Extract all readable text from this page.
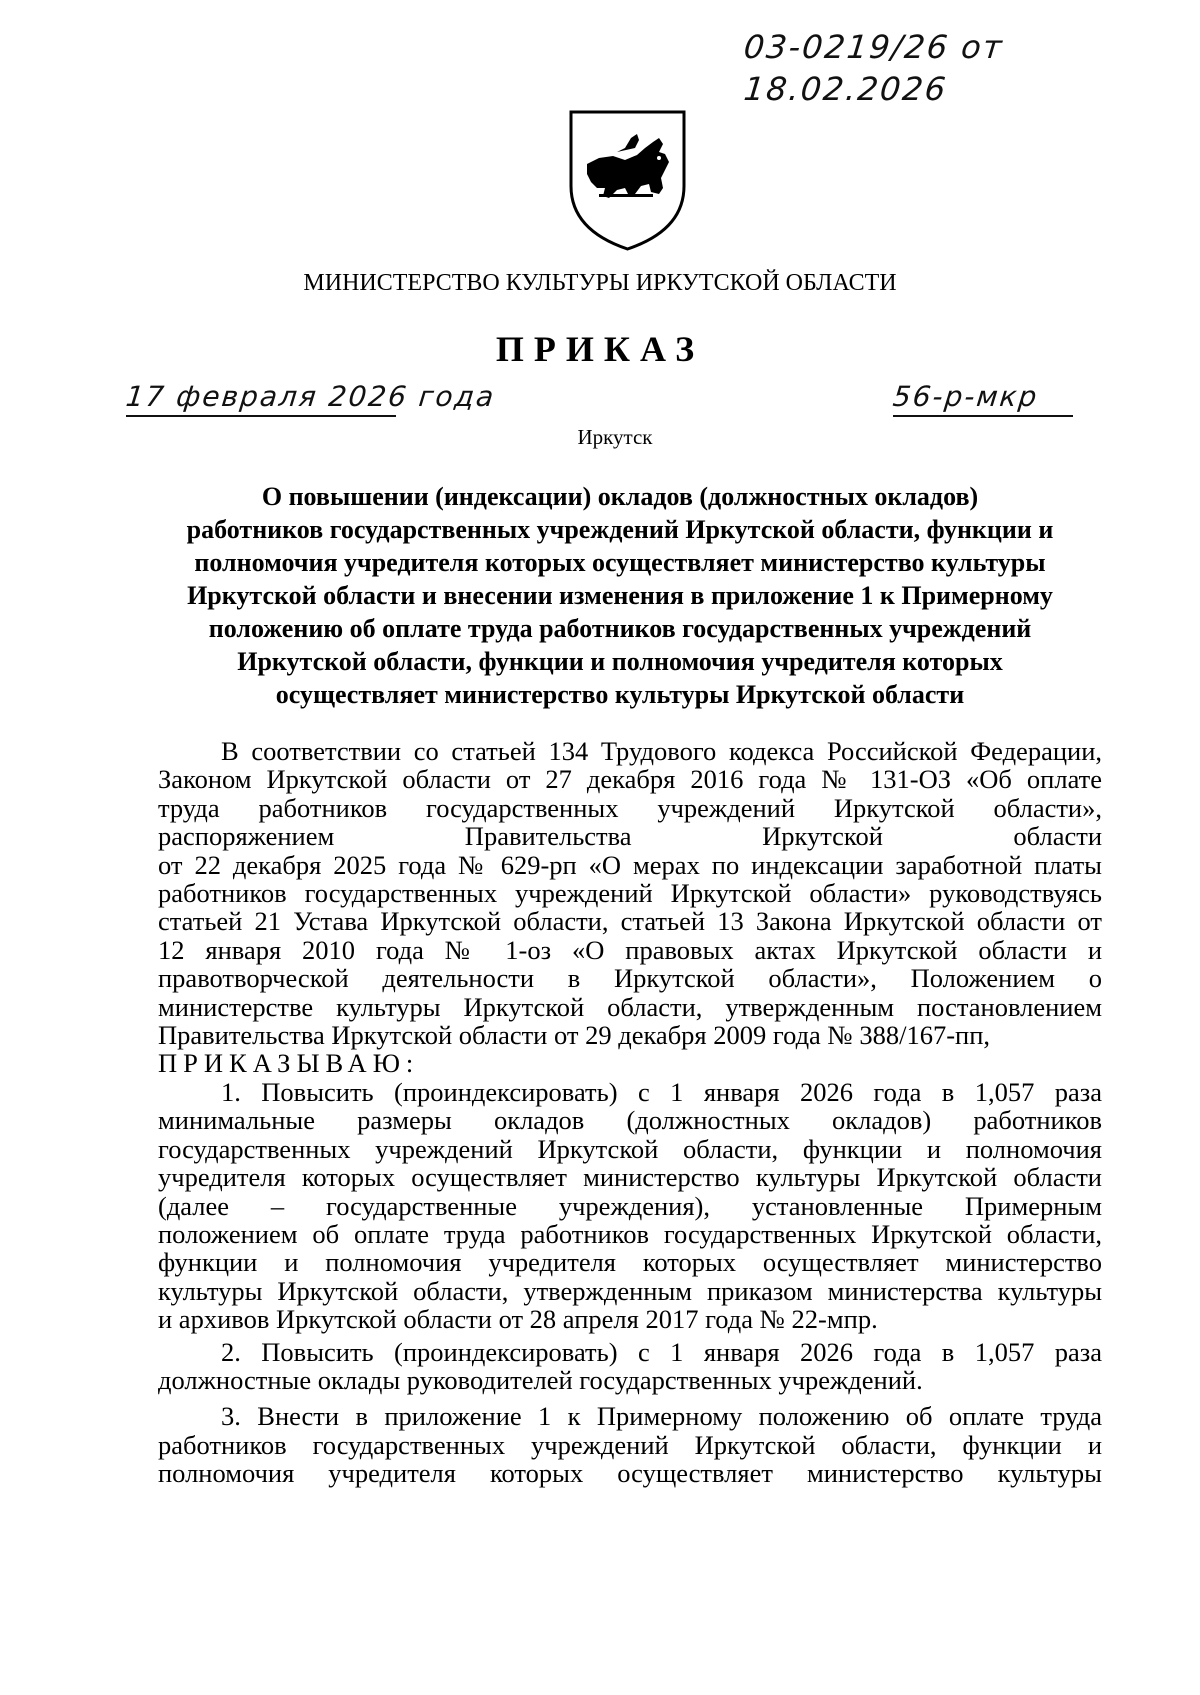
03-0219/26 от
18.02.2026
МИНИСТЕРСТВО КУЛЬТУРЫ ИРКУТСКОЙ ОБЛАСТИ
ПРИКАЗ
17 февраля 2026 года	56-р-мкр
Иркутск
О повышении (индексации) окладов (должностных окладов)
работников государственных учреждений Иркутской области, функции и
полномочия учредителя которых осуществляет министерство культуры
Иркутской области и внесении изменения в приложение 1 к Примерному
положению об оплате труда работников государственных учреждений
Иркутской области, функции и полномочия учредителя которых
осуществляет министерство культуры Иркутской области
В соответствии со статьей 134 Трудового кодекса Российской Федерации,
Законом Иркутской области от 27 декабря 2016 года № 131-ОЗ «Об оплате
труда работников государственных учреждений Иркутской области»,
распоряжением Правительства Иркутской области
от 22 декабря 2025 года № 629-рп «О мерах по индексации заработной платы
работников государственных учреждений Иркутской области» руководствуясь
статьей 21 Устава Иркутской области, статьей 13 Закона Иркутской области от
12 января 2010 года № 1-оз «О правовых актах Иркутской области и
правотворческой деятельности в Иркутской области», Положением о
министерстве культуры Иркутской области, утвержденным постановлением
Правительства Иркутской области от 29 декабря 2009 года № 388/167-пп,
ПРИКАЗЫВАЮ:
1. Повысить (проиндексировать) с 1 января 2026 года в 1,057 раза
минимальные размеры окладов (должностных окладов) работников
государственных учреждений Иркутской области, функции и полномочия
учредителя которых осуществляет министерство культуры Иркутской области
(далее – государственные учреждения), установленные Примерным
положением об оплате труда работников государственных Иркутской области,
функции и полномочия учредителя которых осуществляет министерство
культуры Иркутской области, утвержденным приказом министерства культуры
и архивов Иркутской области от 28 апреля 2017 года № 22-мпр.
2. Повысить (проиндексировать) с 1 января 2026 года в 1,057 раза
должностные оклады руководителей государственных учреждений.
3. Внести в приложение 1 к Примерному положению об оплате труда
работников государственных учреждений Иркутской области, функции и
полномочия учредителя которых осуществляет министерство культуры
